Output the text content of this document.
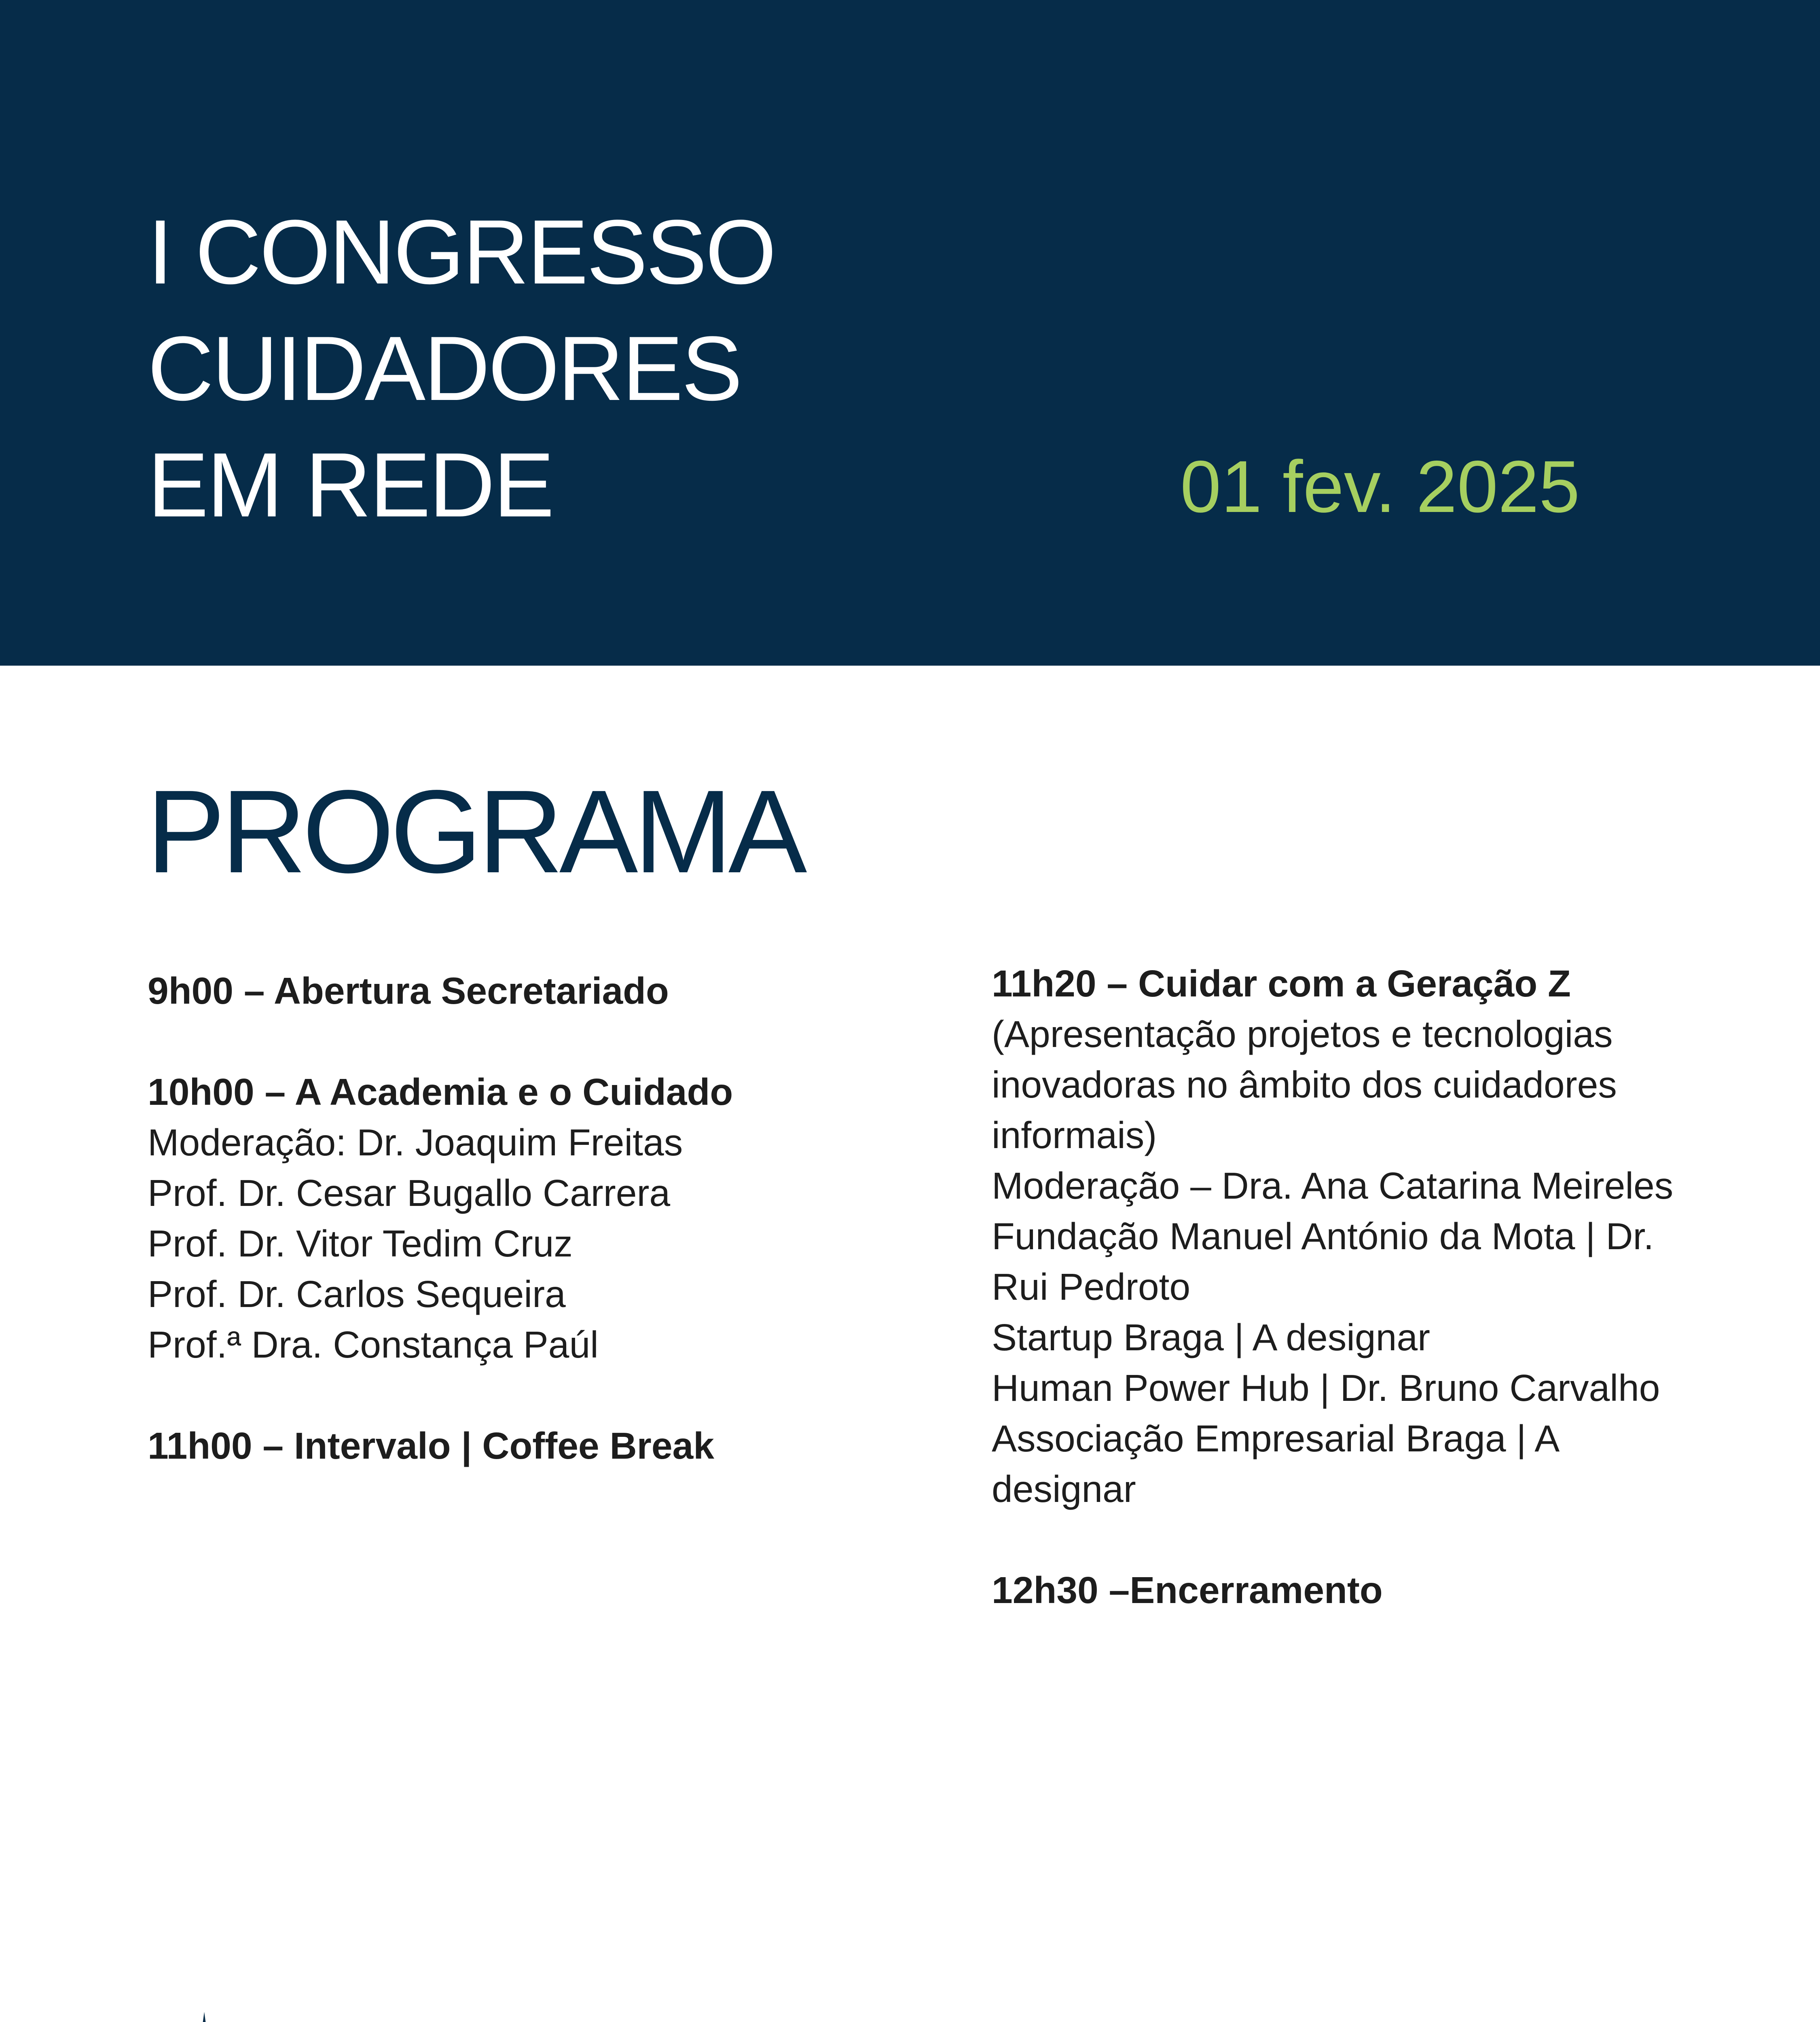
I CONGRESSO
CUIDADORES
EM REDE	01 fev. 2025
PROGRAMA
9h00 – Abertura Secretariado
10h00 – A Academia e o Cuidado
Moderação: Dr. Joaquim Freitas
Prof. Dr. Cesar Bugallo Carrera
Prof. Dr. Vitor Tedim Cruz
Prof. Dr. Carlos Sequeira
Prof.ª Dra. Constança Paúl
11h00 – Intervalo | Coffee Break
11h20 – Cuidar com a Geração Z
(Apresentação projetos e tecnologias
inovadoras no âmbito dos cuidadores
informais)
Moderação – Dra. Ana Catarina Meireles
Fundação Manuel António da Mota | Dr.
Rui Pedroto
Startup Braga | A designar
Human Power Hub | Dr. Bruno Carvalho
Associação Empresarial Braga | A
designar
12h30 –Encerramento
